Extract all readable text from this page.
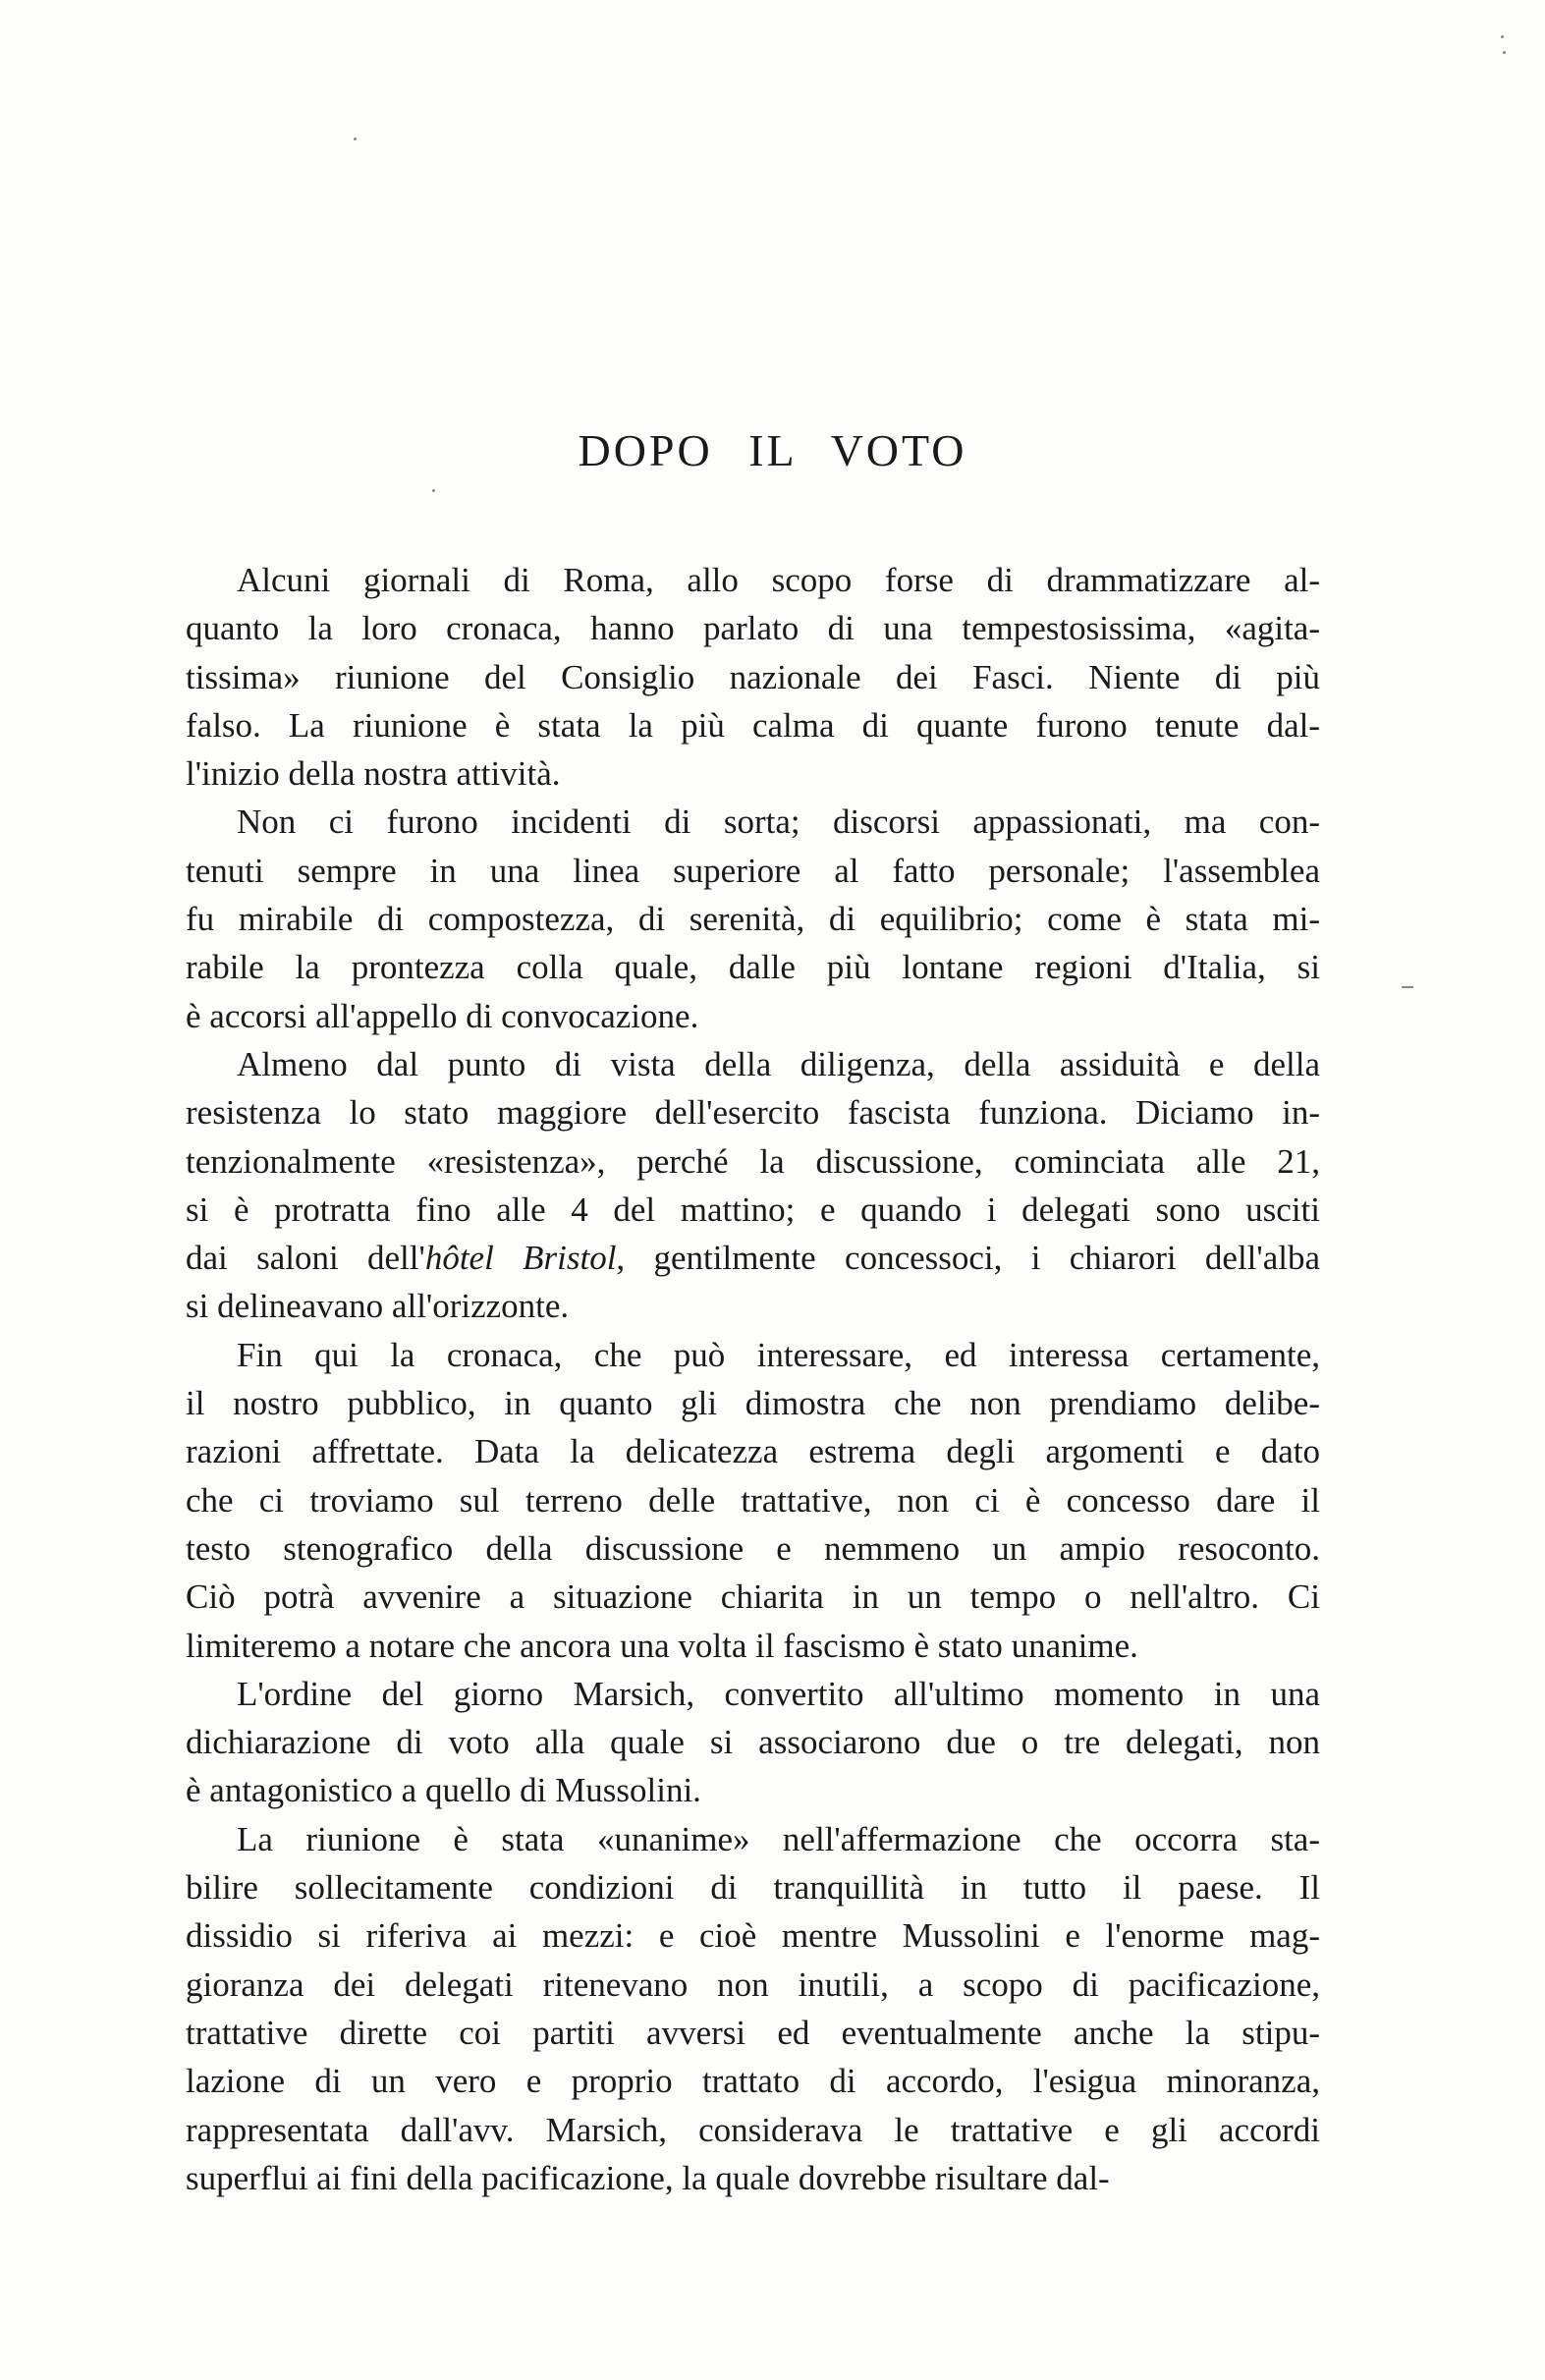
DOPO IL VOTO
Alcuni giornali di Roma, allo scopo forse di drammatizzare al-
quanto la loro cronaca, hanno parlato di una tempestosissima, «agita-
tissima» riunione del Consiglio nazionale dei Fasci. Niente di più
falso. La riunione è stata la più calma di quante furono tenute dal-
l'inizio della nostra attività.
Non ci furono incidenti di sorta; discorsi appassionati, ma con-
tenuti sempre in una linea superiore al fatto personale; l'assemblea
fu mirabile di compostezza, di serenità, di equilibrio; come è stata mi-
rabile la prontezza colla quale, dalle più lontane regioni d'Italia, si
è accorsi all'appello di convocazione.
Almeno dal punto di vista della diligenza, della assiduità e della
resistenza lo stato maggiore dell'esercito fascista funziona. Diciamo in-
tenzionalmente «resistenza», perché la discussione, cominciata alle 21,
si è protratta fino alle 4 del mattino; e quando i delegati sono usciti
dai saloni dell'hôtel Bristol, gentilmente concessoci, i chiarori dell'alba
si delineavano all'orizzonte.
Fin qui la cronaca, che può interessare, ed interessa certamente,
il nostro pubblico, in quanto gli dimostra che non prendiamo delibe-
razioni affrettate. Data la delicatezza estrema degli argomenti e dato
che ci troviamo sul terreno delle trattative, non ci è concesso dare il
testo stenografico della discussione e nemmeno un ampio resoconto.
Ciò potrà avvenire a situazione chiarita in un tempo o nell'altro. Ci
limiteremo a notare che ancora una volta il fascismo è stato unanime.
L'ordine del giorno Marsich, convertito all'ultimo momento in una
dichiarazione di voto alla quale si associarono due o tre delegati, non
è antagonistico a quello di Mussolini.
La riunione è stata «unanime» nell'affermazione che occorra sta-
bilire sollecitamente condizioni di tranquillità in tutto il paese. Il
dissidio si riferiva ai mezzi: e cioè mentre Mussolini e l'enorme mag-
gioranza dei delegati ritenevano non inutili, a scopo di pacificazione,
trattative dirette coi partiti avversi ed eventualmente anche la stipu-
lazione di un vero e proprio trattato di accordo, l'esigua minoranza,
rappresentata dall'avv. Marsich, considerava le trattative e gli accordi
superflui ai fini della pacificazione, la quale dovrebbe risultare dal-
